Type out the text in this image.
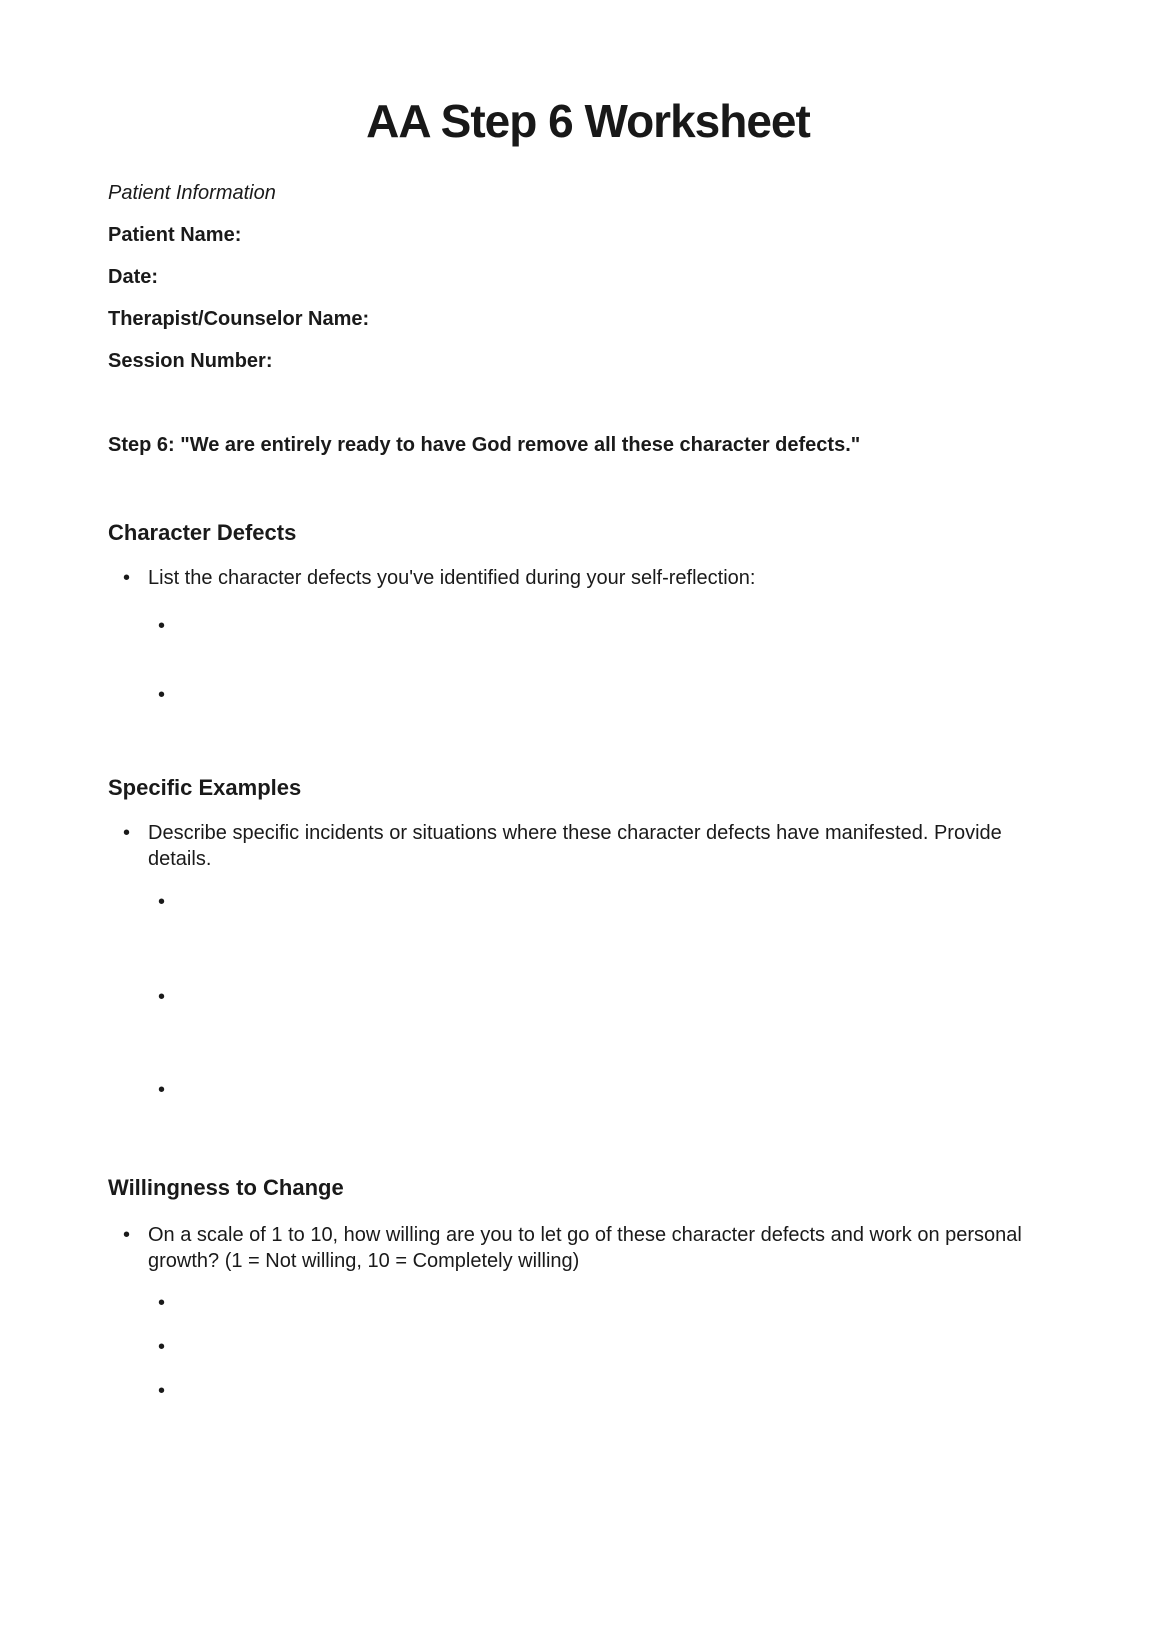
AA Step 6 Worksheet
Patient Information
Patient Name:
Date:
Therapist/Counselor Name:
Session Number:
Step 6: "We are entirely ready to have God remove all these character defects."
Character Defects
• List the character defects you've identified during your self-reflection:
•
•
Specific Examples
• Describe specific incidents or situations where these character defects have manifested. Provide details.
•
•
•
Willingness to Change
• On a scale of 1 to 10, how willing are you to let go of these character defects and work on personal growth? (1 = Not willing, 10 = Completely willing)
•
•
•
